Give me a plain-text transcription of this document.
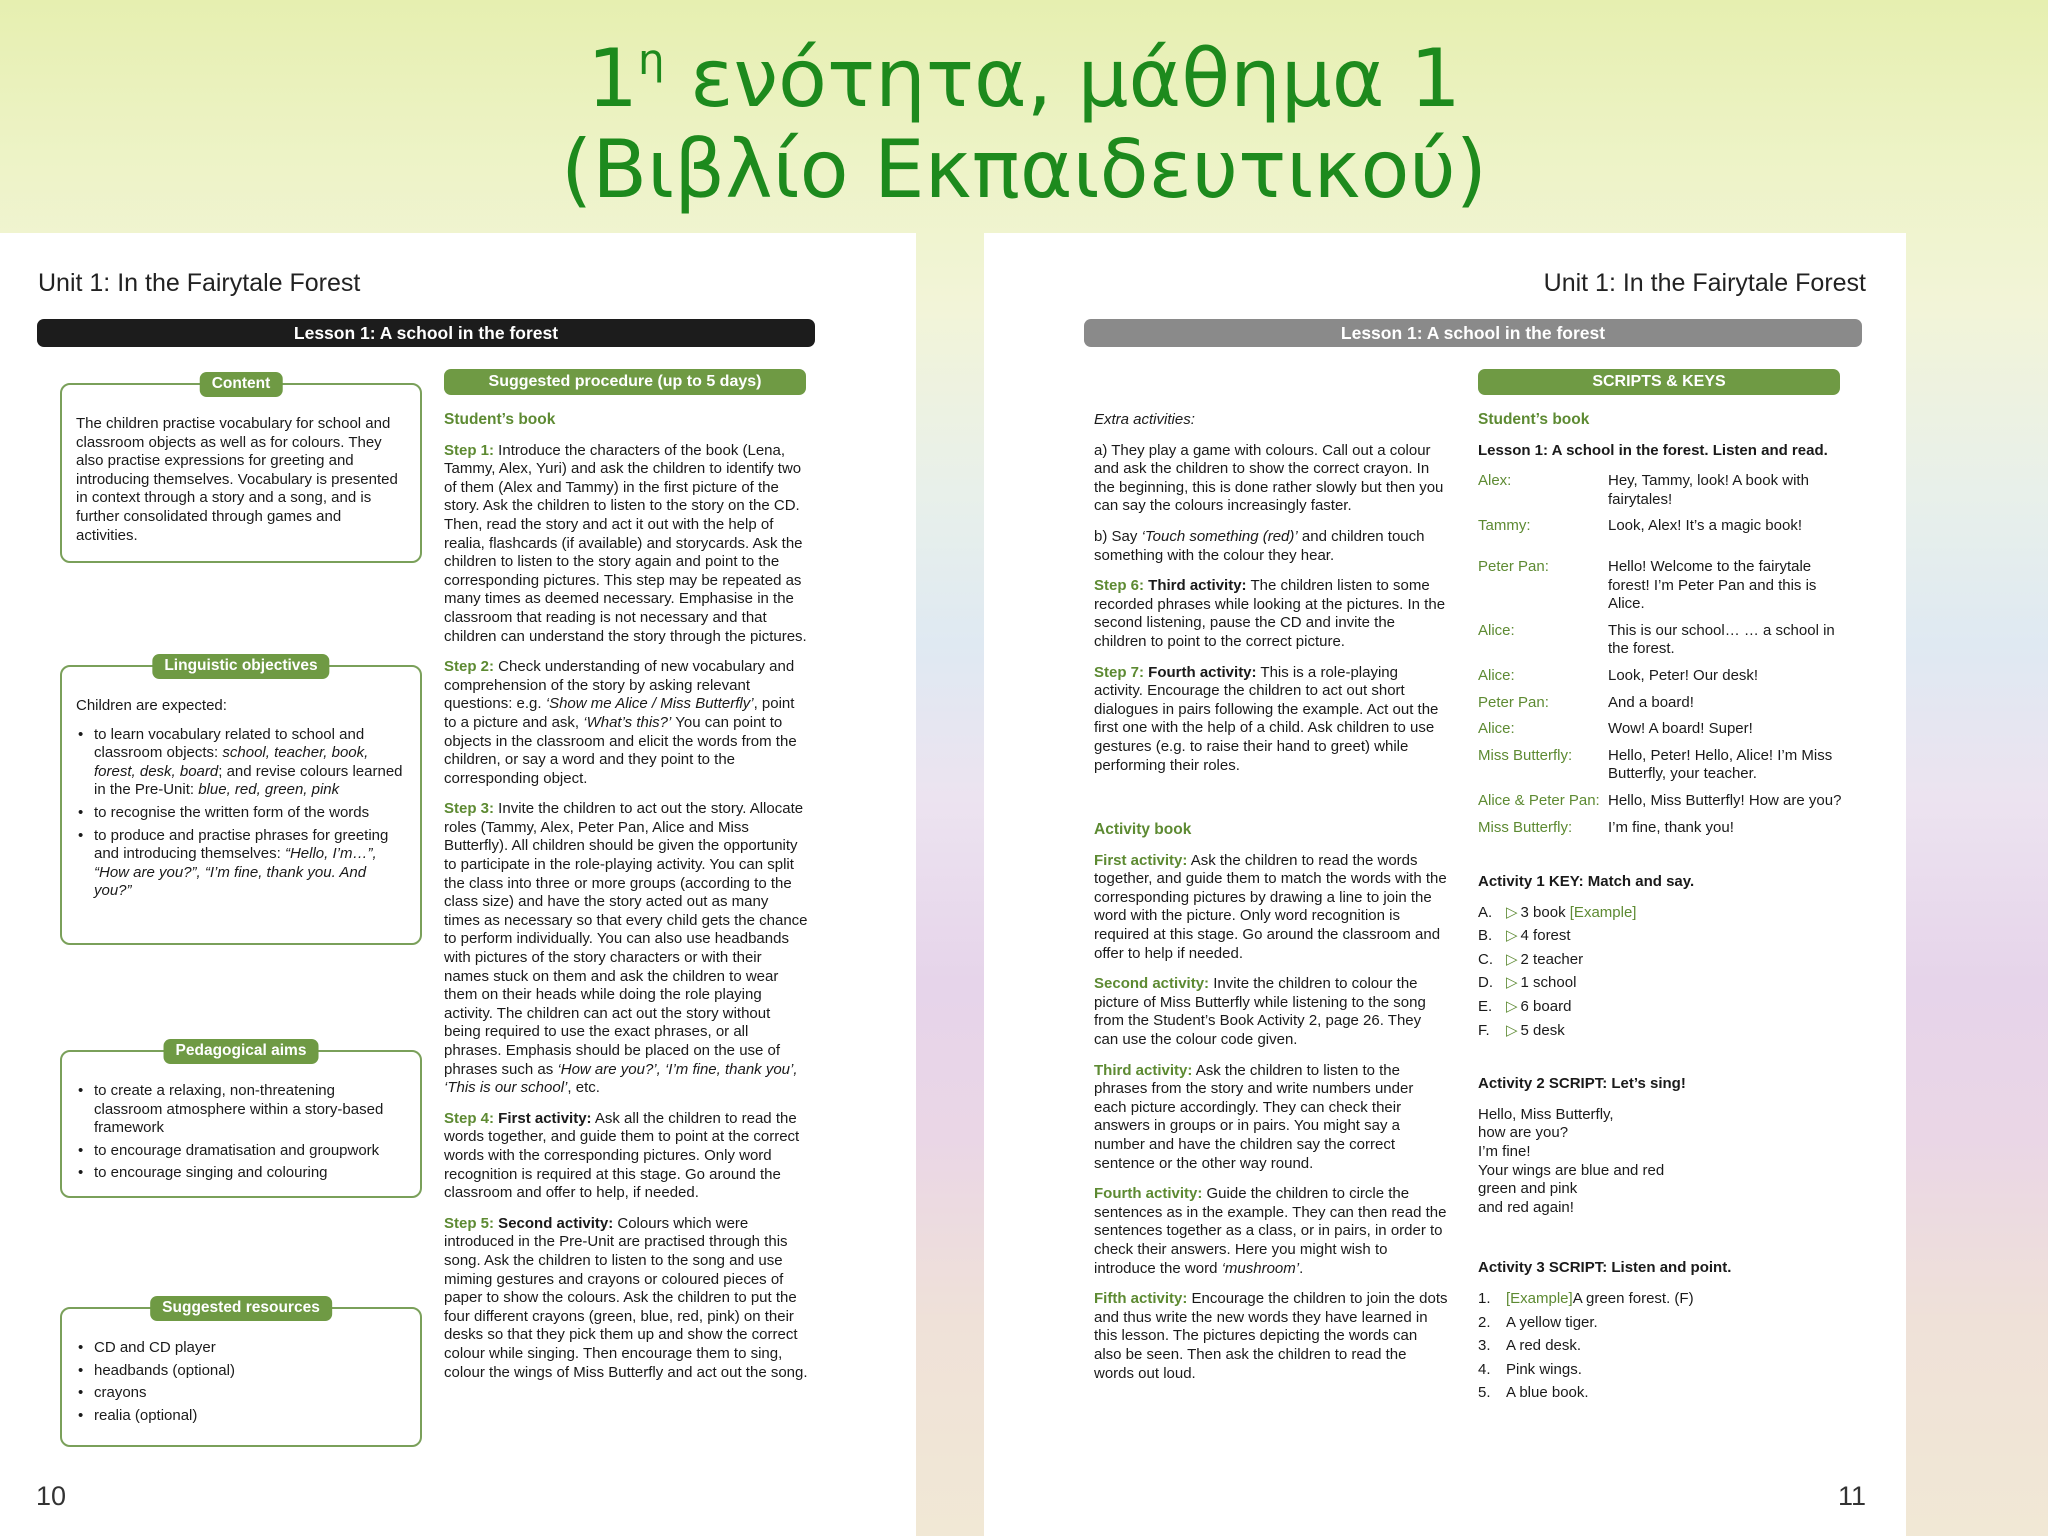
$1^\eta$ ενότητα, μάθημα 1
(Βιβλίο Εκπαιδευτικού)
Unit 1: In the Fairytale Forest
Lesson 1: A school in the forest
Content

The children practise vocabulary for school and classroom objects as well as for colours. They also practise expressions for greeting and introducing themselves. Vocabulary is presented in context through a story and a song, and is further consolidated through games and activities.

Linguistic objectives

Children are expected:

• to learn vocabulary related to school and classroom objects: school, teacher, book, forest, desk, board; and revise colours learned in the Pre-Unit: blue, red, green, pink
• to recognise the written form of the words
• to produce and practise phrases for greeting and introducing themselves: “Hello, I’m…”, “How are you?”, “I’m fine, thank you. And you?”
Pedagogical aims
• to create a relaxing, non-threatening classroom atmosphere within a story-based framework
• to encourage dramatisation and groupwork
• to encourage singing and colouring
Suggested resources
• CD and CD player
• headbands (optional)
• crayons
• realia (optional)
Suggested procedure (up to 5 days)
Student’s book

Step 1: Introduce the characters of the book (Lena, Tammy, Alex, Yuri) and ask the children to identify two of them (Alex and Tammy) in the first picture of the story. Ask the children to listen to the story on the CD. Then, read the story and act it out with the help of realia, flashcards (if available) and storycards. Ask the children to listen to the story again and point to the corresponding pictures. This step may be repeated as many times as deemed necessary. Emphasise in the classroom that reading is not necessary and that children can understand the story through the pictures.

Step 2: Check understanding of new vocabulary and comprehension of the story by asking relevant questions: e.g. ‘Show me Alice / Miss Butterfly’, point to a picture and ask, ‘What’s this?’ You can point to objects in the classroom and elicit the words from the children, or say a word and they point to the corresponding object.

Step 3: Invite the children to act out the story. Allocate roles (Tammy, Alex, Peter Pan, Alice and Miss Butterfly). All children should be given the opportunity to participate in the role-playing activity. You can split the class into three or more groups (according to the class size) and have the story acted out as many times as necessary so that every child gets the chance to perform individually. You can also use headbands with pictures of the story characters or with their names stuck on them and ask the children to wear them on their heads while doing the role playing activity. The children can act out the story without being required to use the exact phrases, or all phrases. Emphasis should be placed on the use of phrases such as ‘How are you?’, ‘I’m fine, thank you’, ‘This is our school’, etc.

Step 4: First activity: Ask all the children to read the words together, and guide them to point at the correct words with the corresponding pictures. Only word recognition is required at this stage. Go around the classroom and offer to help, if needed.

Step 5: Second activity: Colours which were introduced in the Pre-Unit are practised through this song. Ask the children to listen to the song and use miming gestures and crayons or coloured pieces of paper to show the colours. Ask the children to put the four different crayons (green, blue, red, pink) on their desks so that they pick them up and show the correct colour while singing. Then encourage them to sing, colour the wings of Miss Butterfly and act out the song.

10
Unit 1: In the Fairytale Forest
Lesson 1: A school in the forest

Extra activities:

a) They play a game with colours. Call out a colour and ask the children to show the correct crayon. In the beginning, this is done rather slowly but then you can say the colours increasingly faster.

b) Say ‘Touch something (red)’ and children touch something with the colour they hear.

Step 6: Third activity: The children listen to some recorded phrases while looking at the pictures. In the second listening, pause the CD and invite the children to point to the correct picture.

Step 7: Fourth activity: This is a role-playing activity. Encourage the children to act out short dialogues in pairs following the example. Act out the first one with the help of a child. Ask children to use gestures (e.g. to raise their hand to greet) while performing their roles.

Activity book

First activity: Ask the children to read the words together, and guide them to match the words with the corresponding pictures by drawing a line to join the word with the picture. Only word recognition is required at this stage. Go around the classroom and offer to help if needed.

Second activity: Invite the children to colour the picture of Miss Butterfly while listening to the song from the Student’s Book Activity 2, page 26. They can use the colour code given.

Third activity: Ask the children to listen to the phrases from the story and write numbers under each picture accordingly. They can check their answers in groups or in pairs. You might say a number and have the children say the correct sentence or the other way round.

Fourth activity: Guide the children to circle the sentences as in the example. They can then read the sentences together as a class, or in pairs, in order to check their answers. Here you might wish to introduce the word ‘mushroom’.

Fifth activity: Encourage the children to join the dots and thus write the new words they have learned in this lesson. The pictures depicting the words can also be seen. Then ask the children to read the words out loud.

SCRIPTS & KEYS
Student’s book

Lesson 1: A school in the forest. Listen and read.

Alex:	Hey, Tammy, look! A book with fairytales!
Tammy:	Look, Alex! It’s a magic book!
Peter Pan:	Hello! Welcome to the fairytale forest! I’m Peter Pan and this is Alice.
Alice:	This is our school… … a school in the forest.
Alice:	Look, Peter! Our desk!
Peter Pan:	And a board!
Alice:	Wow! A board! Super!
Miss Butterfly:	Hello, Peter! Hello, Alice! I’m Miss Butterfly, your teacher.
Alice & Peter Pan: Hello, Miss Butterfly! How are you?
Miss Butterfly:	I’m fine, thank you!

Activity 1 KEY: Match and say.

A. ▷ 3 book
[Example]
B. ▷ 4 forest
C. ▷ 2 teacher
D. ▷ 1 school
E. ▷ 6 board
F.	▷ 5 desk

Activity 2 SCRIPT: Let’s sing!

Hello, Miss Butterfly,
how are you?
I’m fine!
Your wings are blue and red
green and pink
and red again!

Activity 3 SCRIPT: Listen and point.

1.	[Example] A green forest. (F)
2.	A yellow tiger.
3.	A red desk.
4.	Pink wings.
5.	A blue book.
11
